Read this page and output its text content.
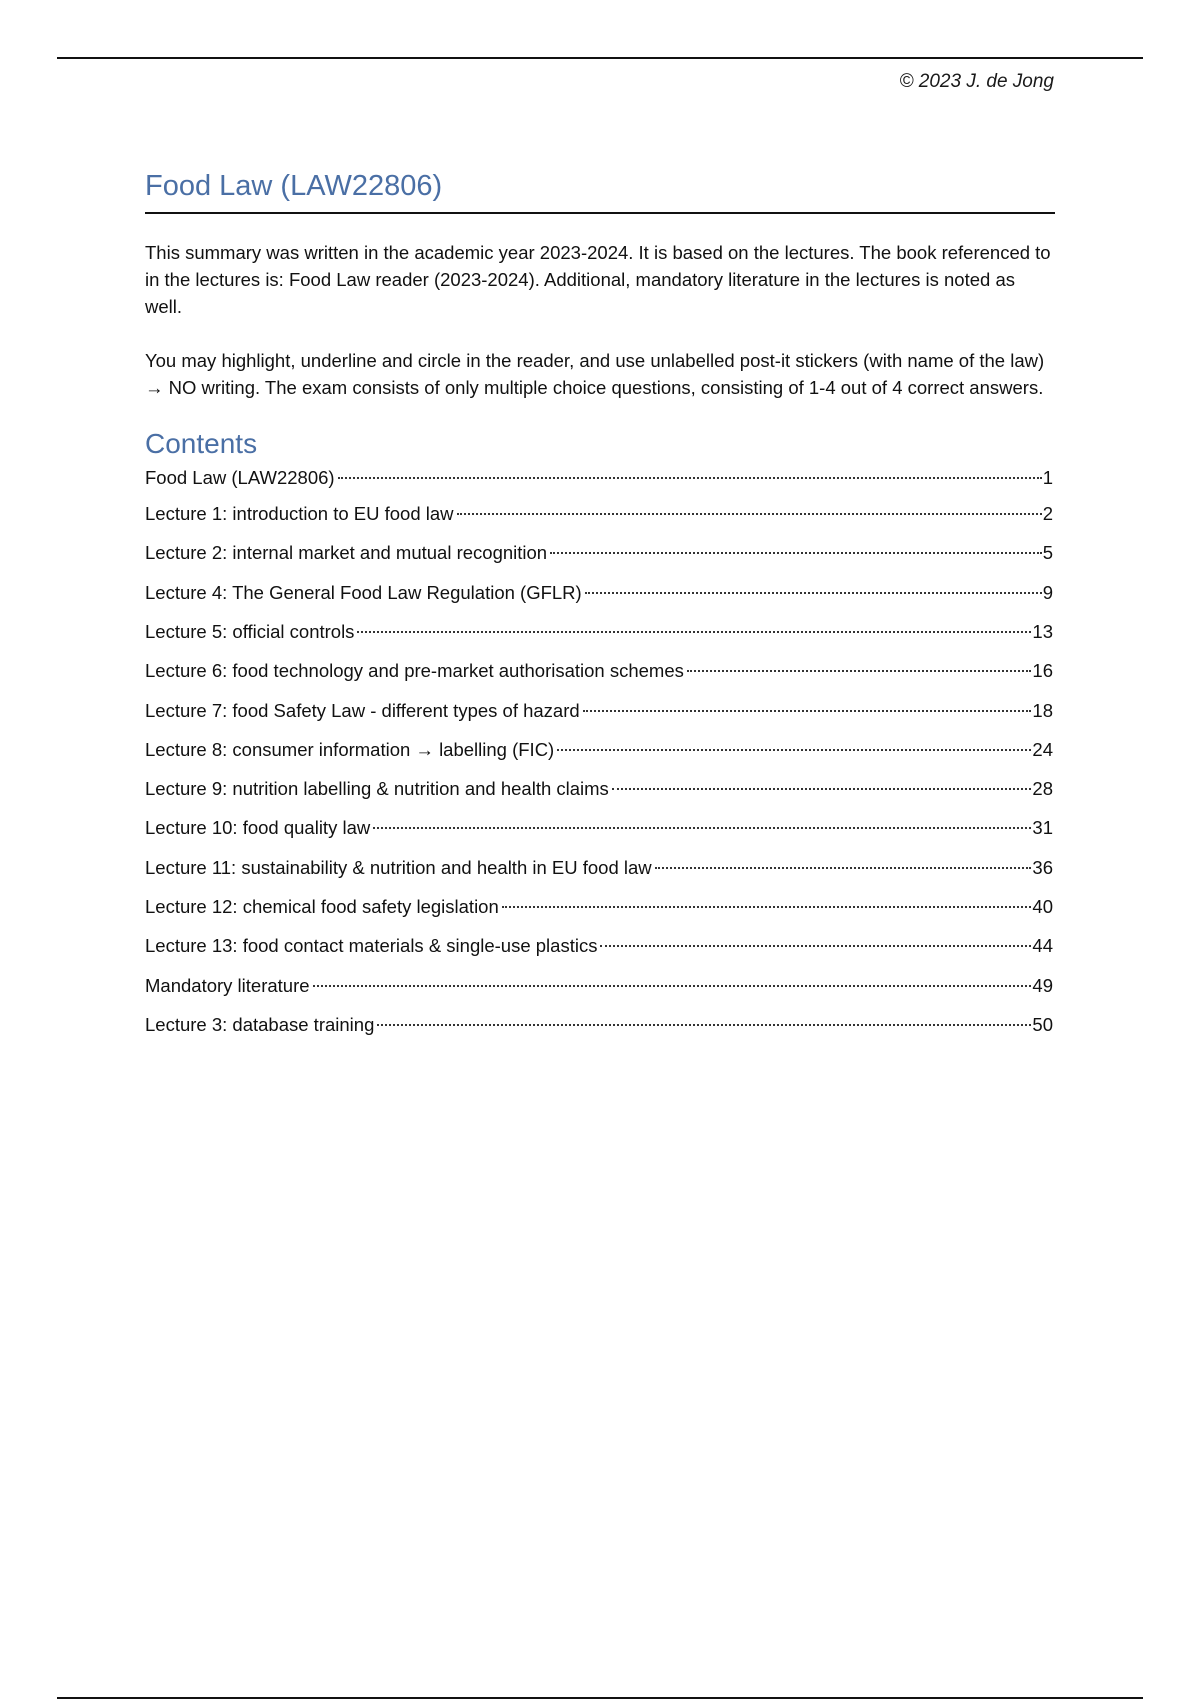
© 2023 J. de Jong
Food Law (LAW22806)

This summary was written in the academic year 2023-2024. It is based on the lectures. The book referenced to in the lectures is: Food Law reader (2023-2024). Additional, mandatory literature in the lectures is noted as well.

You may highlight, underline and circle in the reader, and use unlabelled post-it stickers (with name of the law) → NO writing. The exam consists of only multiple choice questions, consisting of 1-4 out of 4 correct answers.

Contents
Food Law (LAW22806)	1
Lecture 1: introduction to EU food law	2
Lecture 2: internal market and mutual recognition	5
Lecture 4: The General Food Law Regulation (GFLR)	9
Lecture 5: official controls	13
Lecture 6: food technology and pre-market authorisation schemes	16
Lecture 7: food Safety Law - different types of hazard	18
Lecture 8: consumer information → labelling (FIC)	24
Lecture 9: nutrition labelling & nutrition and health claims	28
Lecture 10: food quality law	31
Lecture 11: sustainability & nutrition and health in EU food law	36
Lecture 12: chemical food safety legislation	40
Lecture 13: food contact materials & single-use plastics	44
Mandatory literature	49
Lecture 3: database training	50
